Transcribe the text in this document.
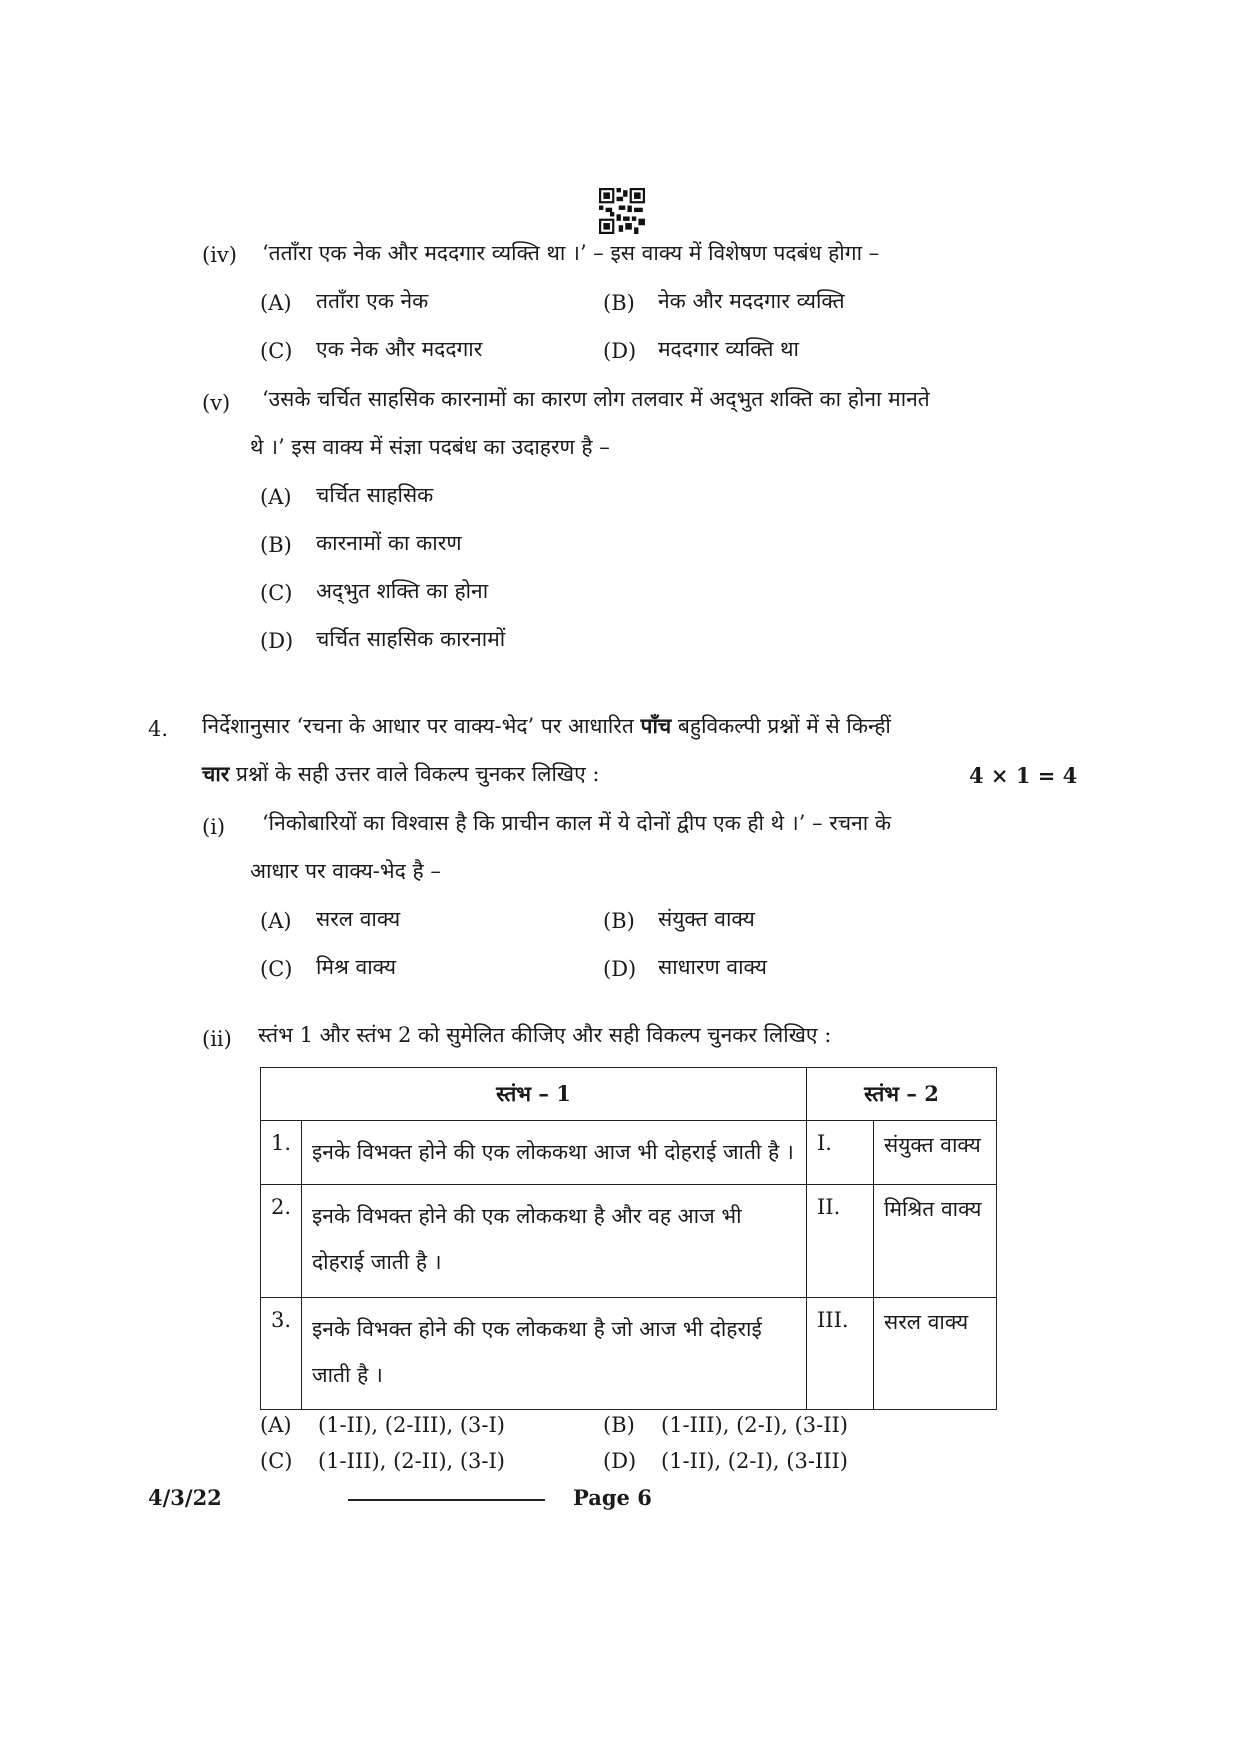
(iv) ‘ततॉंरा एक नेक और मददगार व्यक्ति था ।’ – इस वाक्य में विशेषण पदबंध होगा –
(A) ततॉंरा एक नेक	(B) नेक और मददगार व्यक्ति
(C) एक नेक और मददगार	(D) मददगार व्यक्ति था
(v) ‘उसके चर्चित साहसिक कारनामों का कारण लोग तलवार में अद्‌भुत शक्ति का होना मानते
थे ।’ इस वाक्य में संज्ञा पदबंध का उदाहरण है –
(A) चर्चित साहसिक
(B) कारनामों का कारण
(C) अद्‌भुत शक्ति का होना
(D) चर्चित साहसिक कारनामों
4. निर्देशानुसार ‘रचना के आधार पर वाक्य-भेद’ पर आधारित पाँच बहुविकल्पी प्रश्नों में से किन्हीं
चार प्रश्नों के सही उत्तर वाले विकल्प चुनकर लिखिए :	4 × 1 = 4
(i) ‘निकोबारियों का विश्वास है कि प्राचीन काल में ये दोनों द्वीप एक ही थे ।’ – रचना के
आधार पर वाक्य-भेद है –
(A) सरल वाक्य	(B) संयुक्त वाक्य
(C) मिश्र वाक्य	(D) साधारण वाक्य
(ii) स्तंभ 1 और स्तंभ 2 को सुमेलित कीजिए और सही विकल्प चुनकर लिखिए :
स्तंभ – 1		स्तंभ – 2	
1.	इनके विभक्त होने की एक लोककथा आज भी दोहराई जाती है ।	I.	संयुक्त वाक्य
2.	इनके विभक्त होने की एक लोककथा है और वह आज भी दोहराई जाती है ।	II.	मिश्रित वाक्य
3.	इनके विभक्त होने की एक लोककथा है जो आज भी दोहराई जाती है ।	III.	सरल वाक्य
(A) (1-II), (2-III), (3-I)	(B) (1-III), (2-I), (3-II)
(C) (1-III), (2-II), (3-I)	(D) (1-II), (2-I), (3-III)
4/3/22	Page 6
